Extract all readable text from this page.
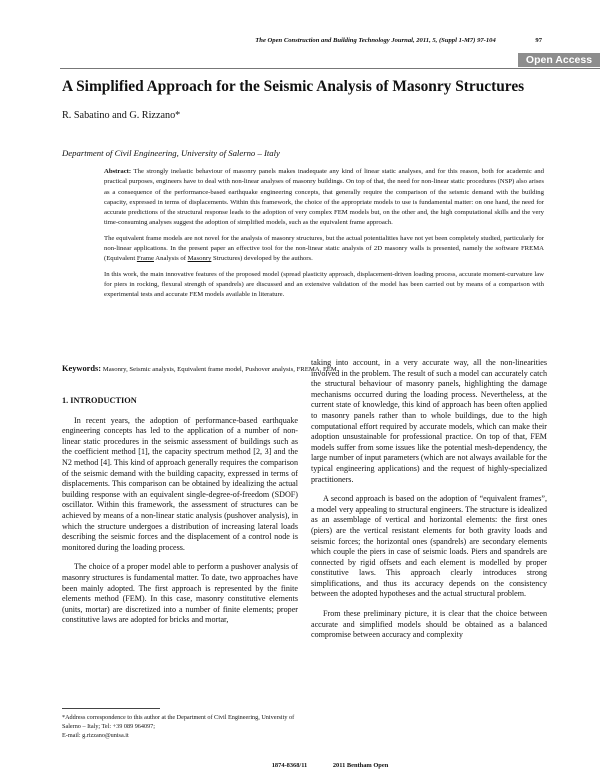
The Open Construction and Building Technology Journal, 2011, 5, (Suppl 1-M7) 97-104	97
Open Access
A Simplified Approach for the Seismic Analysis of Masonry Structures
R. Sabatino and G. Rizzano*
Department of Civil Engineering, University of Salerno – Italy

Abstract: The strongly inelastic behaviour of masonry panels makes inadequate any kind of linear static analyses, and for this reason, both for academic and practical purposes, engineers have to deal with non-linear analyses of masonry buildings. On top of that, the need for non-linear static procedures (NSP) also arises as a consequence of the performance-based earthquake engineering concepts, that generally require the comparison of the seismic demand with the building capacity, expressed in terms of displacements. Within this framework, the choice of the appropriate models to use is fundamental matter: on one hand, the need for accurate predictions of the structural response leads to the adoption of very complex FEM models but, on the other and, the high computational skills and the very time-consuming analyses suggest the adoption of simplified models, such as the equivalent frame approach.

The equivalent frame models are not novel for the analysis of masonry structures, but the actual potentialities have not yet been completely studied, particularly for non-linear applications. In the present paper an effective tool for the non-linear static analysis of 2D masonry walls is presented, namely the software FREMA (Equivalent Frame Analysis of Masonry Structures) developed by the authors.

In this work, the main innovative features of the proposed model (spread plasticity approach, displacement-driven loading process, accurate moment-curvature law for piers in rocking, flexural strength of spandrels) are discussed and an extensive validation of the model has been carried out by means of a comparison with experimental tests and accurate FEM models available in literature.

Keywords: Masonry, Seismic analysis, Equivalent frame model, Pushover analysis, FREMA, FEM.

1. INTRODUCTION

In recent years, the adoption of performance-based earthquake engineering concepts has led to the application of a number of non-linear static procedures in the seismic assessment of buildings such as the coefficient method [1], the capacity spectrum method [2, 3] and the N2 method [4]. This kind of approach generally requires the comparison of the seismic demand with the building capacity, expressed in terms of displacements. This comparison can be obtained by idealizing the actual building response with an equivalent single-degree-of-freedom (SDOF) oscillator. Within this framework, the assessment of structures can be achieved by means of a non-linear static analysis (pushover analysis), in which the structure undergoes a distribution of increasing lateral loads describing the seismic forces and the displacement of a control node is monitored during the loading process.

The choice of a proper model able to perform a pushover analysis of masonry structures is fundamental matter. To date, two approaches have been mainly adopted. The first approach is represented by the finite elements method (FEM). In this case, masonry constitutive elements (units, mortar) are discretized into a number of finite elements; proper constitutive laws are adopted for bricks and mortar,

taking into account, in a very accurate way, all the non-linearities involved in the problem. The result of such a model can accurately catch the structural behaviour of masonry panels, highlighting the damage mechanisms occurred during the loading process. Nevertheless, at the current state of knowledge, this kind of approach has been often applied to masonry panels rather than to whole buildings, due to the high computational effort required by accurate models, which can make their adoption unsustainable for professional practice. On top of that, FEM models suffer from some issues like the potential mesh-dependency, the large number of input parameters (which are not always available for the typical engineering applications) and the request of highly-specialized practitioners.

A second approach is based on the adoption of “equivalent frames”, a model very appealing to structural engineers. The structure is idealized as an assemblage of vertical and horizontal elements: the first ones (piers) are the vertical resistant elements for both gravity loads and seismic forces; the horizontal ones (spandrels) are secondary elements which couple the piers in case of seismic loads. Piers and spandrels are connected by rigid offsets and each element is modelled by proper constitutive laws. This approach clearly introduces strong simplifications, and thus its accuracy depends on the consistency between the adopted hypotheses and the actual structural problem.

From these preliminary picture, it is clear that the choice between accurate and simplified models should be obtained as a balanced compromise between accuracy and complexity

*Address correspondence to this author at the Department of Civil Engineering, University of Salerno – Italy; Tel: +39 089 964097;
E-mail: g.rizzano@unisa.it
1874-8368/11	2011 Bentham Open
